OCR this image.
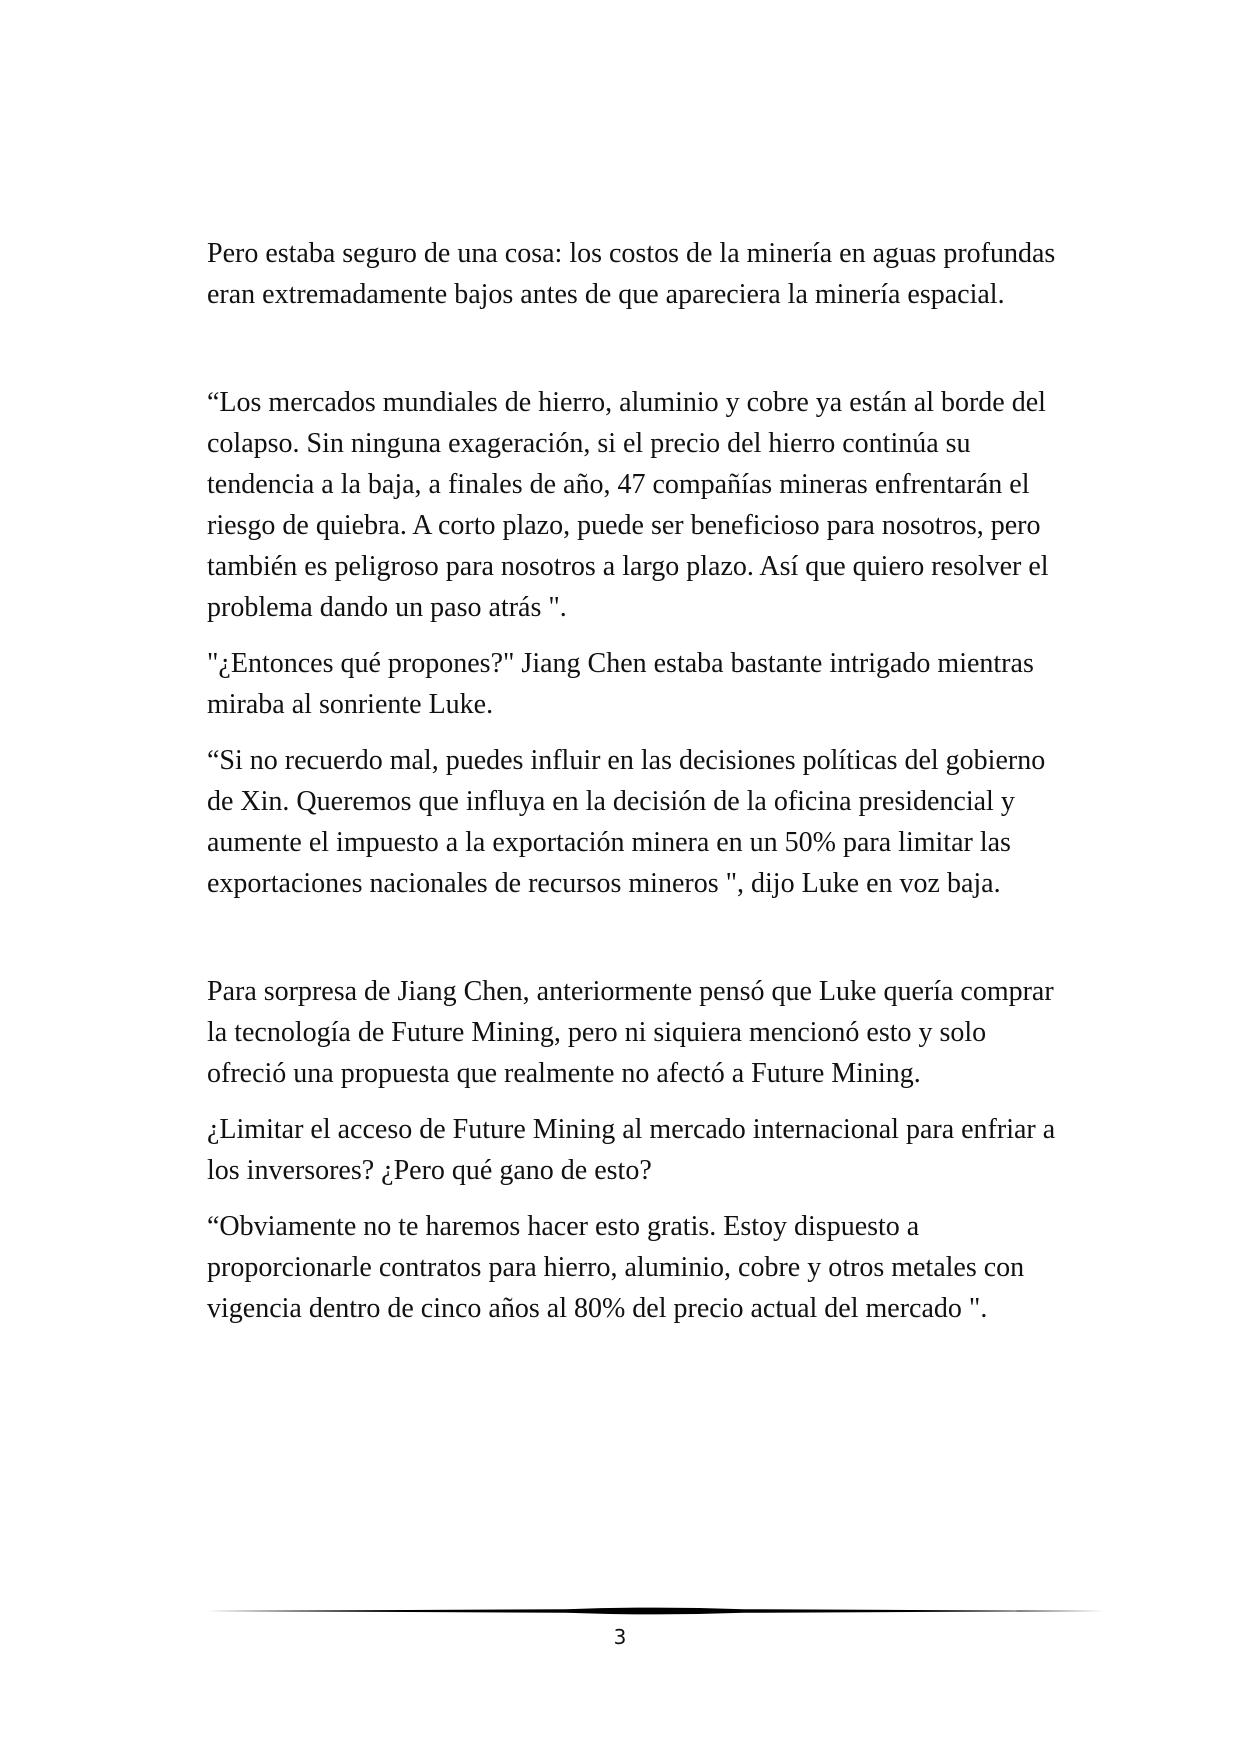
Pero estaba seguro de una cosa: los costos de la minería en aguas profundas eran extremadamente bajos antes de que apareciera la minería espacial.

“Los mercados mundiales de hierro, aluminio y cobre ya están al borde del colapso. Sin ninguna exageración, si el precio del hierro continúa su tendencia a la baja, a finales de año, 47 compañías mineras enfrentarán el riesgo de quiebra. A corto plazo, puede ser beneficioso para nosotros, pero también es peligroso para nosotros a largo plazo. Así que quiero resolver el problema dando un paso atrás ".

"¿Entonces qué propones?" Jiang Chen estaba bastante intrigado mientras miraba al sonriente Luke.

“Si no recuerdo mal, puedes influir en las decisiones políticas del gobierno de Xin. Queremos que influya en la decisión de la oficina presidencial y aumente el impuesto a la exportación minera en un 50% para limitar las exportaciones nacionales de recursos mineros ", dijo Luke en voz baja.

Para sorpresa de Jiang Chen, anteriormente pensó que Luke quería comprar la tecnología de Future Mining, pero ni siquiera mencionó esto y solo ofreció una propuesta que realmente no afectó a Future Mining.

¿Limitar el acceso de Future Mining al mercado internacional para enfriar a los inversores? ¿Pero qué gano de esto?

“Obviamente no te haremos hacer esto gratis. Estoy dispuesto a proporcionarle contratos para hierro, aluminio, cobre y otros metales con vigencia dentro de cinco años al 80% del precio actual del mercado ".

3
